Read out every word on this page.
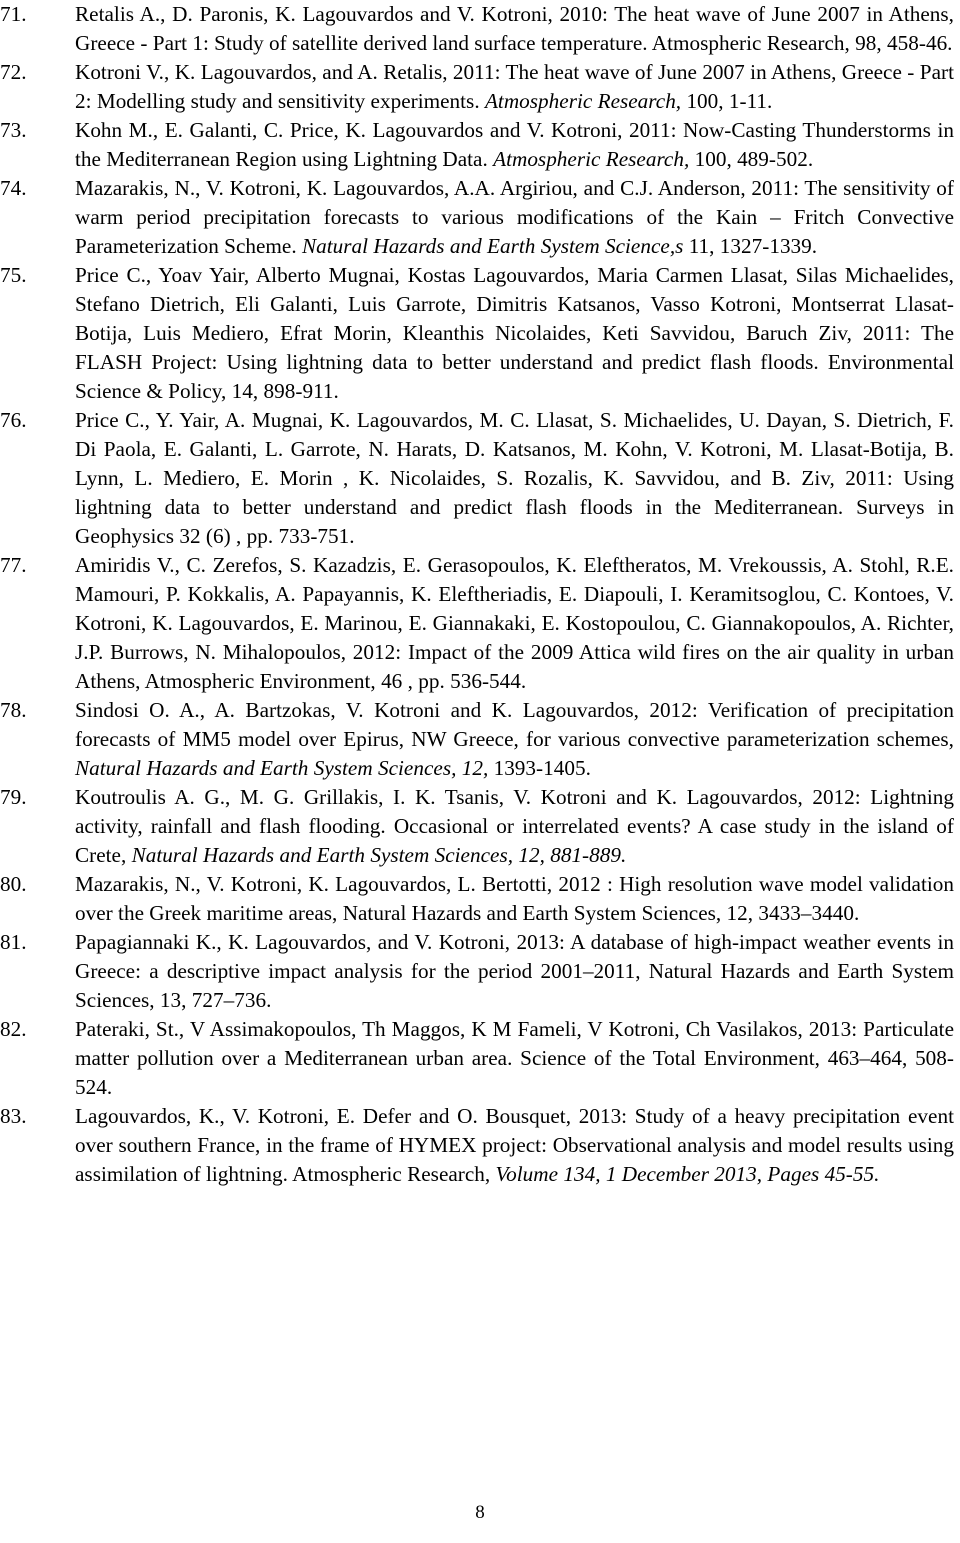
71. Retalis A., D. Paronis, K. Lagouvardos and V. Kotroni, 2010: The heat wave of June 2007 in Athens, Greece - Part 1: Study of satellite derived land surface temperature. Atmospheric Research, 98, 458-46.
72. Kotroni V., K. Lagouvardos, and A. Retalis, 2011: The heat wave of June 2007 in Athens, Greece - Part 2: Modelling study and sensitivity experiments. Atmospheric Research, 100, 1-11.
73. Kohn M., E. Galanti, C. Price, K. Lagouvardos and V. Kotroni, 2011: Now-Casting Thunderstorms in the Mediterranean Region using Lightning Data. Atmospheric Research, 100, 489-502.
74. Mazarakis, N., V. Kotroni, K. Lagouvardos, A.A. Argiriou, and C.J. Anderson, 2011: The sensitivity of warm period precipitation forecasts to various modifications of the Kain – Fritch Convective Parameterization Scheme. Natural Hazards and Earth System Science,s 11, 1327-1339.
75. Price C., Yoav Yair, Alberto Mugnai, Kostas Lagouvardos, Maria Carmen Llasat, Silas Michaelides, Stefano Dietrich, Eli Galanti, Luis Garrote, Dimitris Katsanos, Vasso Kotroni, Montserrat Llasat-Botija, Luis Mediero, Efrat Morin, Kleanthis Nicolaides, Keti Savvidou, Baruch Ziv, 2011: The FLASH Project: Using lightning data to better understand and predict flash floods. Environmental Science & Policy, 14, 898-911.
76. Price C., Y. Yair, A. Mugnai, K. Lagouvardos, M. C. Llasat, S. Michaelides, U. Dayan, S. Dietrich, F. Di Paola, E. Galanti, L. Garrote, N. Harats, D. Katsanos, M. Kohn, V. Kotroni, M. Llasat-Botija, B. Lynn, L. Mediero, E. Morin , K. Nicolaides, S. Rozalis, K. Savvidou, and B. Ziv, 2011: Using lightning data to better understand and predict flash floods in the Mediterranean. Surveys in Geophysics 32 (6) , pp. 733-751.
77. Amiridis V., C. Zerefos, S. Kazadzis, E. Gerasopoulos, K. Eleftheratos, M. Vrekoussis, A. Stohl, R.E. Mamouri, P. Kokkalis, A. Papayannis, K. Eleftheriadis, E. Diapouli, I. Keramitsoglou, C. Kontoes, V. Kotroni, K. Lagouvardos, E. Marinou, E. Giannakaki, E. Kostopoulou, C. Giannakopoulos, A. Richter, J.P. Burrows, N. Mihalopoulos, 2012: Impact of the 2009 Attica wild fires on the air quality in urban Athens, Atmospheric Environment, 46 , pp. 536-544.
78. Sindosi O. A., A. Bartzokas, V. Kotroni and K. Lagouvardos, 2012: Verification of precipitation forecasts of MM5 model over Epirus, NW Greece, for various convective parameterization schemes, Natural Hazards and Earth System Sciences, 12, 1393-1405.
79. Koutroulis A. G., M. G. Grillakis, I. K. Tsanis, V. Kotroni and K. Lagouvardos, 2012: Lightning activity, rainfall and flash flooding. Occasional or interrelated events? A case study in the island of Crete, Natural Hazards and Earth System Sciences, 12, 881-889.
80. Mazarakis, N., V. Kotroni, K. Lagouvardos, L. Bertotti, 2012 : High resolution wave model validation over the Greek maritime areas, Natural Hazards and Earth System Sciences, 12, 3433–3440.
81. Papagiannaki K., K. Lagouvardos, and V. Kotroni, 2013: A database of high-impact weather events in Greece: a descriptive impact analysis for the period 2001–2011, Natural Hazards and Earth System Sciences, 13, 727–736.
82. Pateraki, St., V Assimakopoulos, Th Maggos, K M Fameli, V Kotroni, Ch Vasilakos, 2013: Particulate matter pollution over a Mediterranean urban area. Science of the Total Environment, 463–464, 508-524.
83. Lagouvardos, K., V. Kotroni, E. Defer and O. Bousquet, 2013: Study of a heavy precipitation event over southern France, in the frame of HYMEX project: Observational analysis and model results using assimilation of lightning. Atmospheric Research, Volume 134, 1 December 2013, Pages 45-55.
8
